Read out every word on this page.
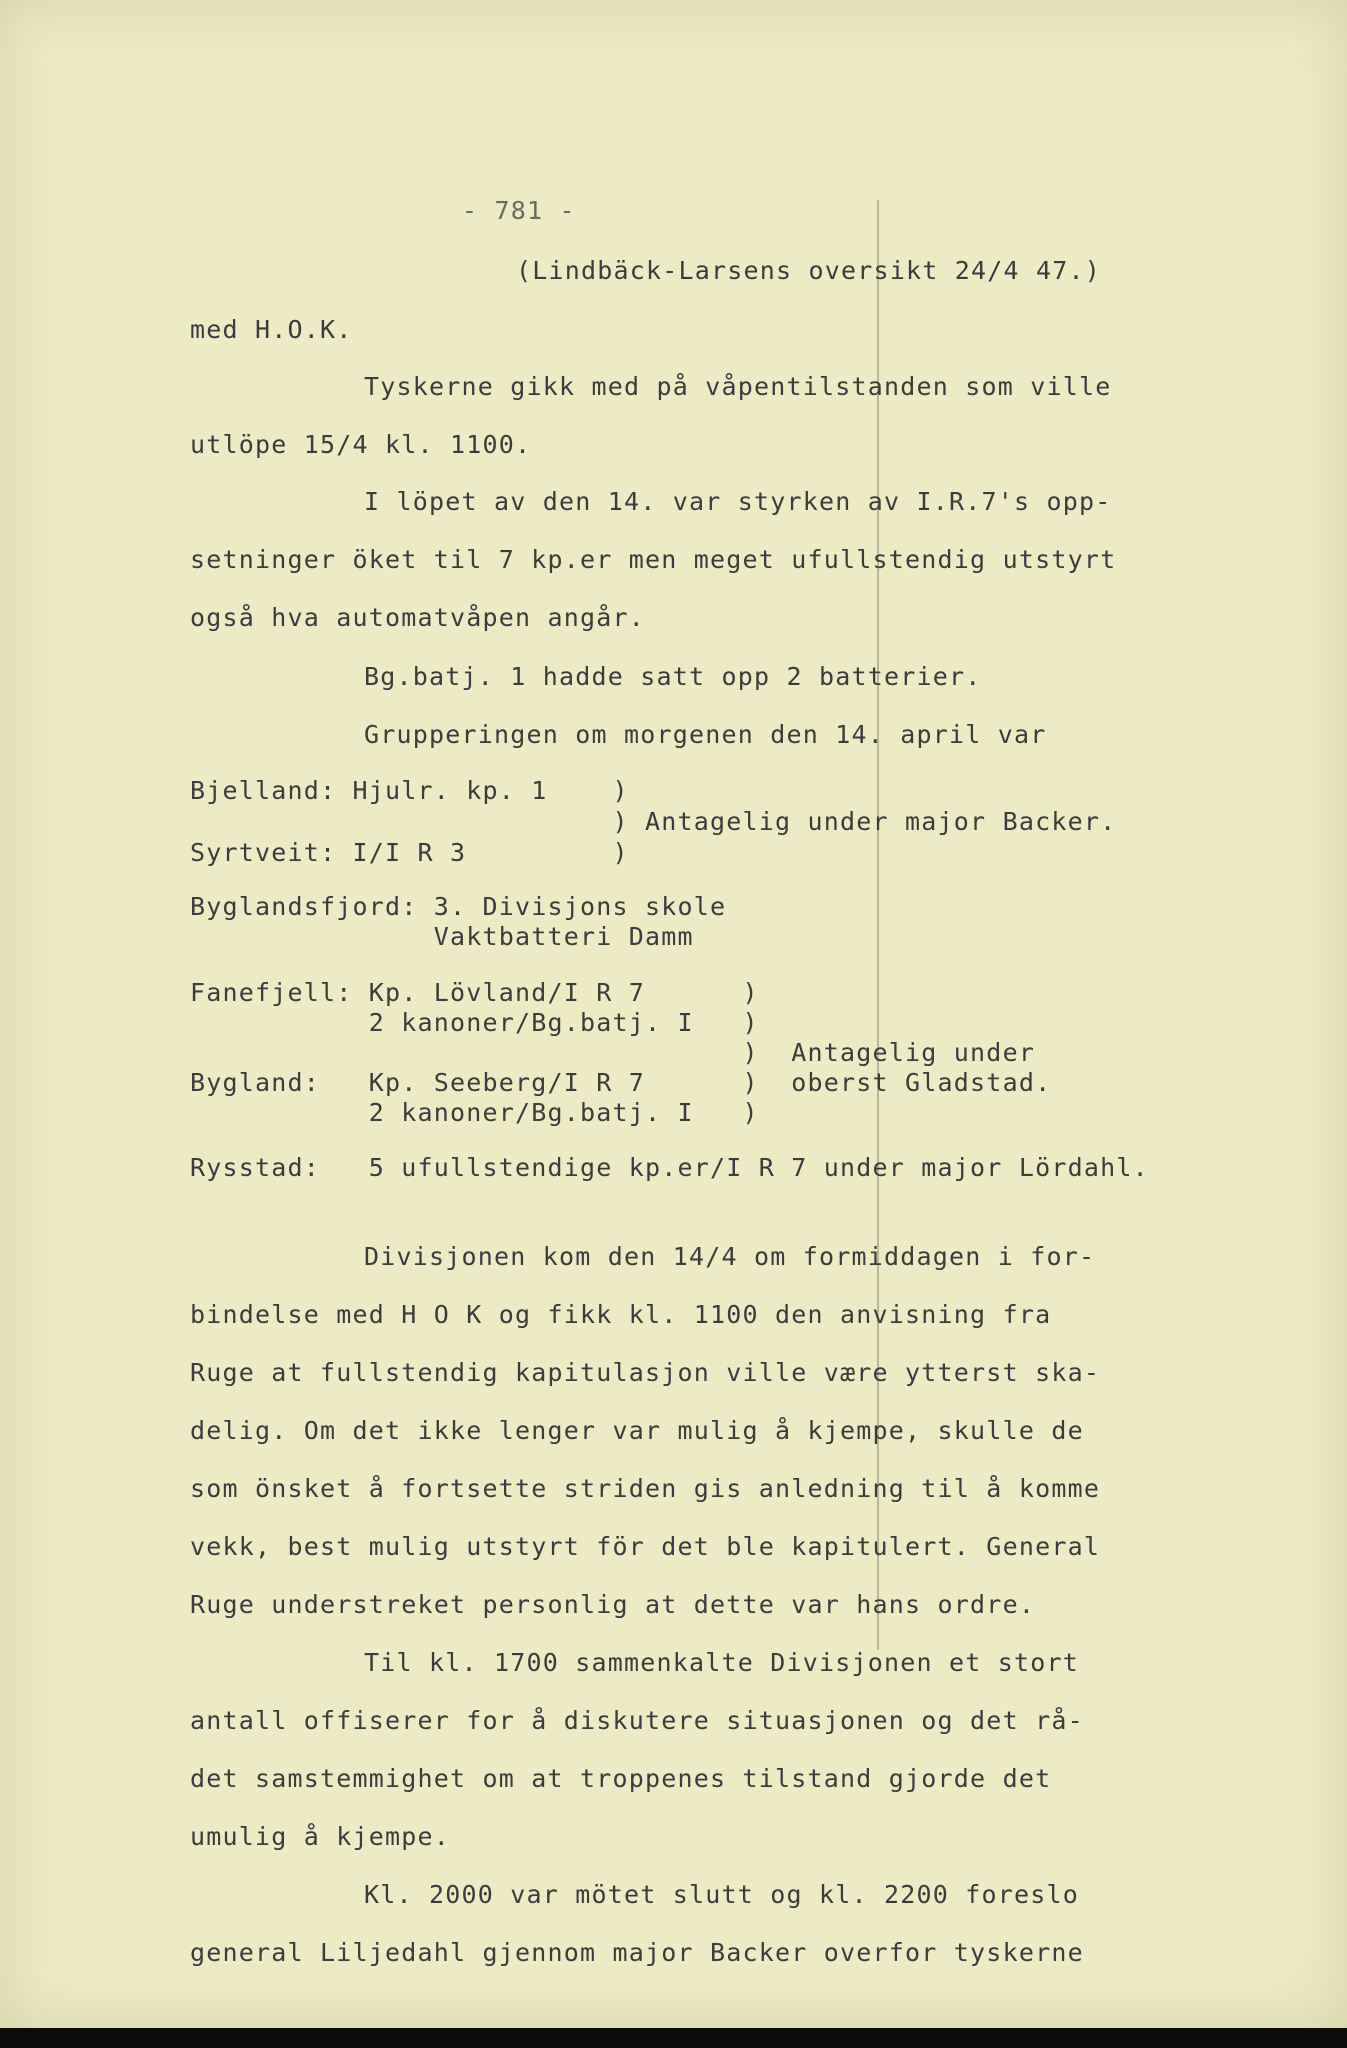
- 781 -
(Lindbäck-Larsens oversikt 24/4 47.)
med H.O.K.
Tyskerne gikk med på våpentilstanden som ville
utlöpe 15/4 kl. 1100.
I löpet av den 14. var styrken av I.R.7's opp-
setninger öket til 7 kp.er men meget ufullstendig utstyrt
også hva automatvåpen angår.
Bg.batj. 1 hadde satt opp 2 batterier.
Grupperingen om morgenen den 14. april var
Bjelland: Hjulr. kp. 1    )
) Antagelig under major Backer.
Syrtveit: I/I R 3         )
Byglandsfjord: 3. Divisjons skole
Vaktbatteri Damm
Fanefjell: Kp. Lövland/I R 7      )
2 kanoner/Bg.batj. I   )
)  Antagelig under
Bygland:   Kp. Seeberg/I R 7      )  oberst Gladstad.
2 kanoner/Bg.batj. I   )
Rysstad:   5 ufullstendige kp.er/I R 7 under major Lördahl.
Divisjonen kom den 14/4 om formiddagen i for-
bindelse med H O K og fikk kl. 1100 den anvisning fra
Ruge at fullstendig kapitulasjon ville være ytterst ska-
delig. Om det ikke lenger var mulig å kjempe, skulle de
som önsket å fortsette striden gis anledning til å komme
vekk, best mulig utstyrt för det ble kapitulert. General
Ruge understreket personlig at dette var hans ordre.
Til kl. 1700 sammenkalte Divisjonen et stort
antall offiserer for å diskutere situasjonen og det rå-
det samstemmighet om at troppenes tilstand gjorde det
umulig å kjempe.
Kl. 2000 var mötet slutt og kl. 2200 foreslo
general Liljedahl gjennom major Backer overfor tyskerne
